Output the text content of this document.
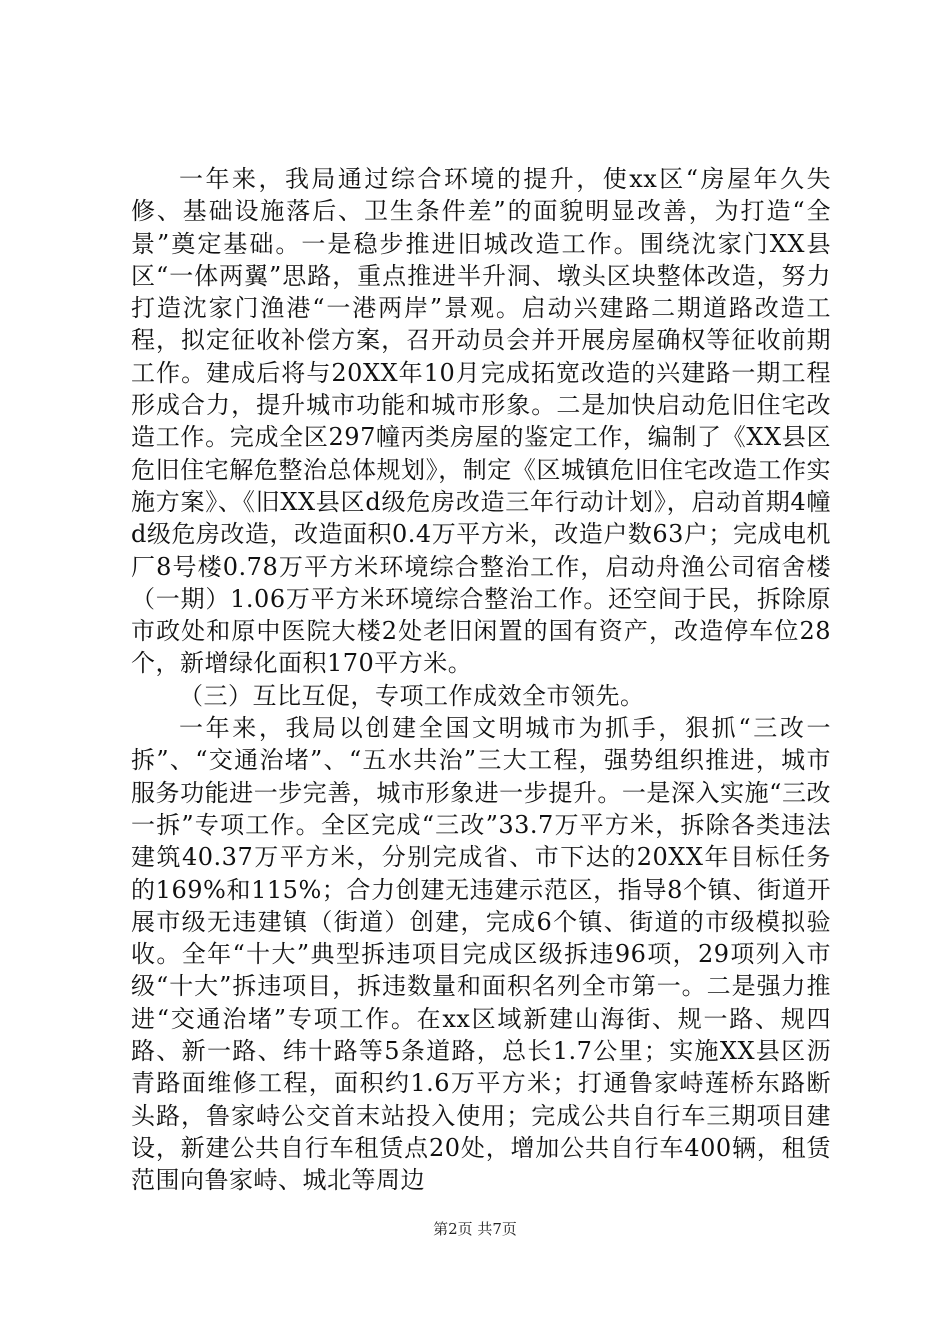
一年来，我局通过综合环境的提升，使xx区“房屋年久失修、基础设施落后、卫生条件差”的面貌明显改善，为打造“全景”奠定基础。一是稳步推进旧城改造工作。围绕沈家门XX县区“一体两翼”思路，重点推进半升洞、墩头区块整体改造，努力打造沈家门渔港“一港两岸”景观。启动兴建路二期道路改造工程，拟定征收补偿方案，召开动员会并开展房屋确权等征收前期工作。建成后将与20XX年10月完成拓宽改造的兴建路一期工程形成合力，提升城市功能和城市形象。二是加快启动危旧住宅改造工作。完成全区297幢丙类房屋的鉴定工作，编制了《XX县区危旧住宅解危整治总体规划》，制定《区城镇危旧住宅改造工作实施方案》、《旧XX县区d级危房改造三年行动计划》，启动首期4幢d级危房改造，改造面积0.4万平方米，改造户数63户；完成电机厂8号楼0.78万平方米环境综合整治工作，启动舟渔公司宿舍楼（一期）1.06万平方米环境综合整治工作。还空间于民，拆除原市政处和原中医院大楼2处老旧闲置的国有资产，改造停车位28个，新增绿化面积170平方米。

（三）互比互促，专项工作成效全市领先。

一年来，我局以创建全国文明城市为抓手，狠抓“三改一拆”、“交通治堵”、“五水共治”三大工程，强势组织推进，城市服务功能进一步完善，城市形象进一步提升。一是深入实施“三改一拆”专项工作。全区完成“三改”33.7万平方米，拆除各类违法建筑40.37万平方米，分别完成省、市下达的20XX年目标任务的169%和115%；合力创建无违建示范区，指导8个镇、街道开展市级无违建镇（街道）创建，完成6个镇、街道的市级模拟验收。全年“十大”典型拆违项目完成区级拆违96项，29项列入市级“十大”拆违项目，拆违数量和面积名列全市第一。二是强力推进“交通治堵”专项工作。在xx区域新建山海街、规一路、规四路、新一路、纬十路等5条道路，总长1.7公里；实施XX县区沥青路面维修工程，面积约1.6万平方米；打通鲁家峙莲桥东路断头路，鲁家峙公交首末站投入使用；完成公共自行车三期项目建设，新建公共自行车租赁点20处，增加公共自行车400辆，租赁范围向鲁家峙、城北等周边

第2页 共7页
